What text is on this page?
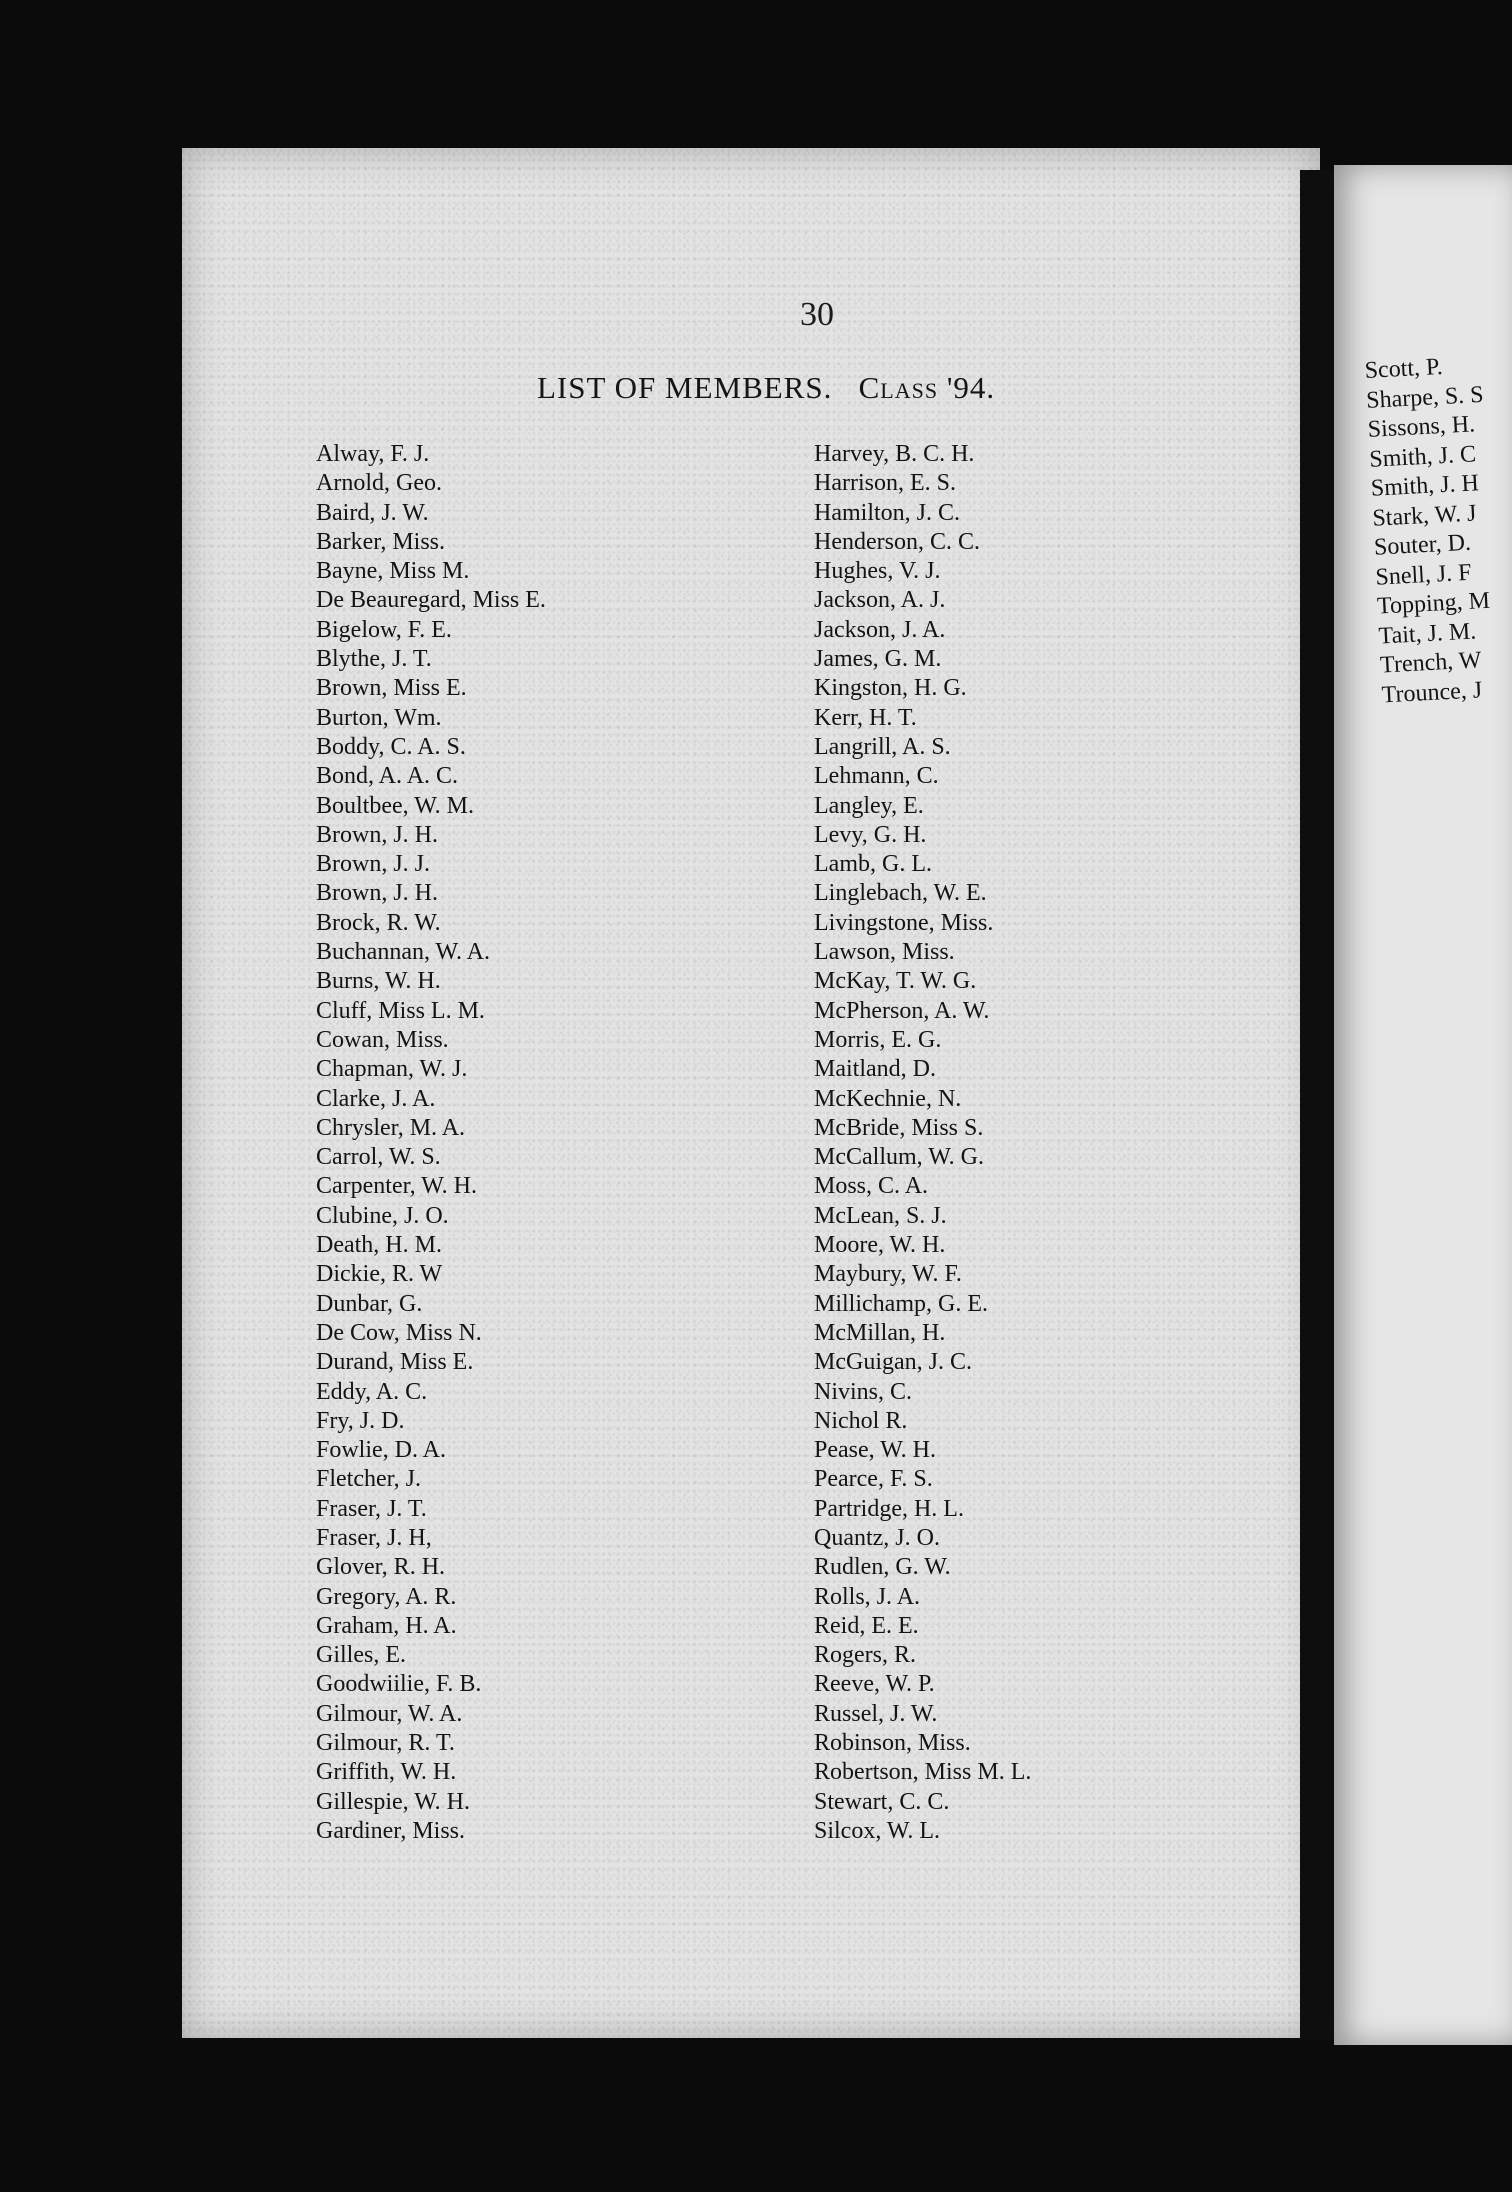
Scott, P.
Sharpe, S. S
Sissons, H.
Smith, J. C
Smith, J. H
Stark, W. J
Souter, D.
Snell, J. F
Topping, M
Tait, J. M.
Trench, W
Trounce, J
30
LIST OF MEMBERS. Class '94.
Alway, F. J.
Arnold, Geo.
Baird, J. W.
Barker, Miss.
Bayne, Miss M.
De Beauregard, Miss E.
Bigelow, F. E.
Blythe, J. T.
Brown, Miss E.
Burton, Wm.
Boddy, C. A. S.
Bond, A. A. C.
Boultbee, W. M.
Brown, J. H.
Brown, J. J.
Brown, J. H.
Brock, R. W.
Buchannan, W. A.
Burns, W. H.
Cluff, Miss L. M.
Cowan, Miss.
Chapman, W. J.
Clarke, J. A.
Chrysler, M. A.
Carrol, W. S.
Carpenter, W. H.
Clubine, J. O.
Death, H. M.
Dickie, R. W
Dunbar, G.
De Cow, Miss N.
Durand, Miss E.
Eddy, A. C.
Fry, J. D.
Fowlie, D. A.
Fletcher, J.
Fraser, J. T.
Fraser, J. H,
Glover, R. H.
Gregory, A. R.
Graham, H. A.
Gilles, E.
Goodwiilie, F. B.
Gilmour, W. A.
Gilmour, R. T.
Griffith, W. H.
Gillespie, W. H.
Gardiner, Miss.
Harvey, B. C. H.
Harrison, E. S.
Hamilton, J. C.
Henderson, C. C.
Hughes, V. J.
Jackson, A. J.
Jackson, J. A.
James, G. M.
Kingston, H. G.
Kerr, H. T.
Langrill, A. S.
Lehmann, C.
Langley, E.
Levy, G. H.
Lamb, G. L.
Linglebach, W. E.
Livingstone, Miss.
Lawson, Miss.
McKay, T. W. G.
McPherson, A. W.
Morris, E. G.
Maitland, D.
McKechnie, N.
McBride, Miss S.
McCallum, W. G.
Moss, C. A.
McLean, S. J.
Moore, W. H.
Maybury, W. F.
Millichamp, G. E.
McMillan, H.
McGuigan, J. C.
Nivins, C.
Nichol R.
Pease, W. H.
Pearce, F. S.
Partridge, H. L.
Quantz, J. O.
Rudlen, G. W.
Rolls, J. A.
Reid, E. E.
Rogers, R.
Reeve, W. P.
Russel, J. W.
Robinson, Miss.
Robertson, Miss M. L.
Stewart, C. C.
Silcox, W. L.
